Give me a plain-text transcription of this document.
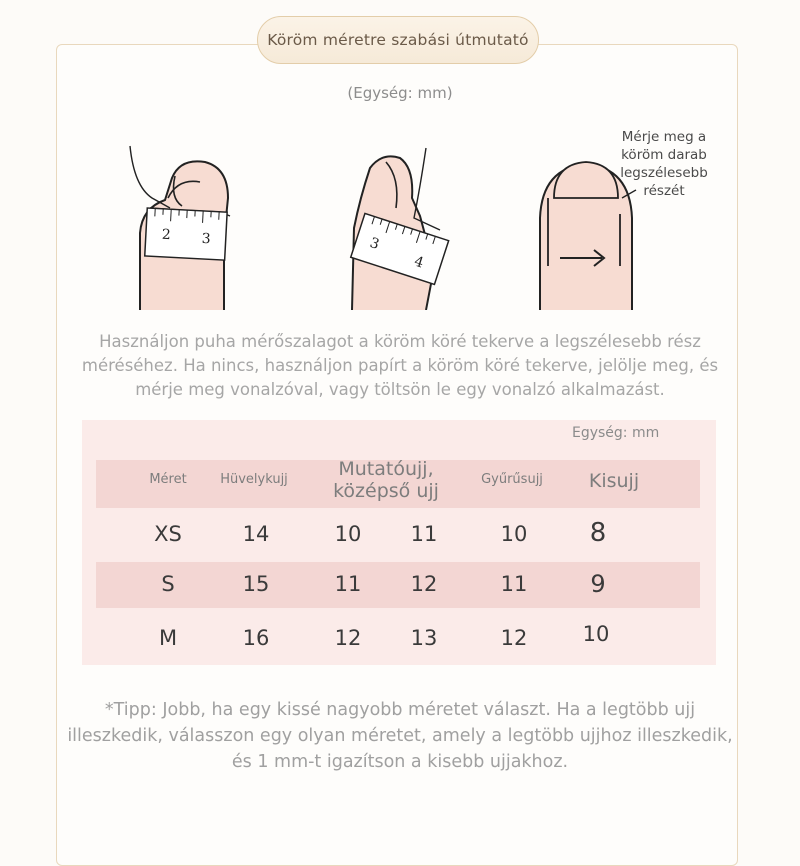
Köröm méretre szabási útmutató
(Egység: mm)
2 3	3
4
Mérje meg a köröm darab legszélesebb részét
Használjon puha mérőszalagot a köröm köré tekerve a legszélesebb rész méréséhez. Ha nincs, használjon papírt a köröm köré tekerve, jelölje meg, és mérje meg vonalzóval, vagy töltsön le egy vonalzó alkalmazást.
Egység: mm
Méret	Hüvelykujj	Mutatóujj,
középső ujj
Gyűrűsujj Kisujj
XS	14	10 11	10 8
S	15	11 12	11	9
M	16	12 13	12	10
*Tipp: Jobb, ha egy kissé nagyobb méretet választ. Ha a legtöbb ujj illeszkedik, válasszon egy olyan méretet, amely a legtöbb ujjhoz illeszkedik, és 1 mm-t igazítson a kisebb ujjakhoz.
